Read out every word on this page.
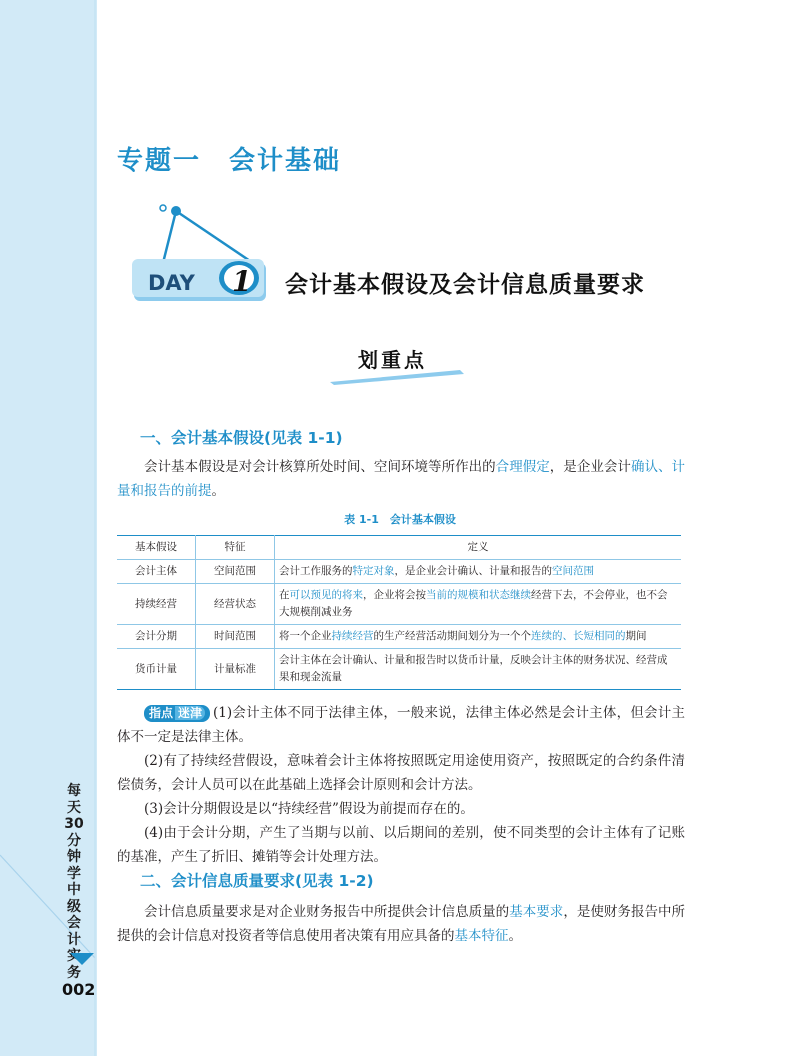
每
天
30
分
钟
学
中
级
会
计
实
务
002
专题一　会计基础
DAY 1 会计基本假设及会计信息质量要求
划重点
一、会计基本假设(见表 1-1)
会计基本假设是对会计核算所处时间、空间环境等所作出的合理假定，是企业会计确认、计量和报告的前提。
表 1-1　会计基本假设
基本假设	特征	定义
会计主体	空间范围	会计工作服务的特定对象，是企业会计确认、计量和报告的空间范围
持续经营	经营状态	在可以预见的将来，企业将会按当前的规模和状态继续经营下去，不会停业，也不会大规模削减业务
会计分期	时间范围	将一个企业持续经营的生产经营活动期间划分为一个个连续的、长短相同的期间
货币计量	计量标准	会计主体在会计确认、计量和报告时以货币计量，反映会计主体的财务状况、经营成果和现金流量
指点 迷津 (1)会计主体不同于法律主体，一般来说，法律主体必然是会计主体，但会计主体不一定是法律主体。
(2)有了持续经营假设，意味着会计主体将按照既定用途使用资产，按照既定的合约条件清偿债务，会计人员可以在此基础上选择会计原则和会计方法。
(3)会计分期假设是以“持续经营”假设为前提而存在的。
(4)由于会计分期，产生了当期与以前、以后期间的差别，使不同类型的会计主体有了记账的基准，产生了折旧、摊销等会计处理方法。
二、会计信息质量要求(见表 1-2)
会计信息质量要求是对企业财务报告中所提供会计信息质量的基本要求，是使财务报告中所提供的会计信息对投资者等信息使用者决策有用应具备的基本特征。
